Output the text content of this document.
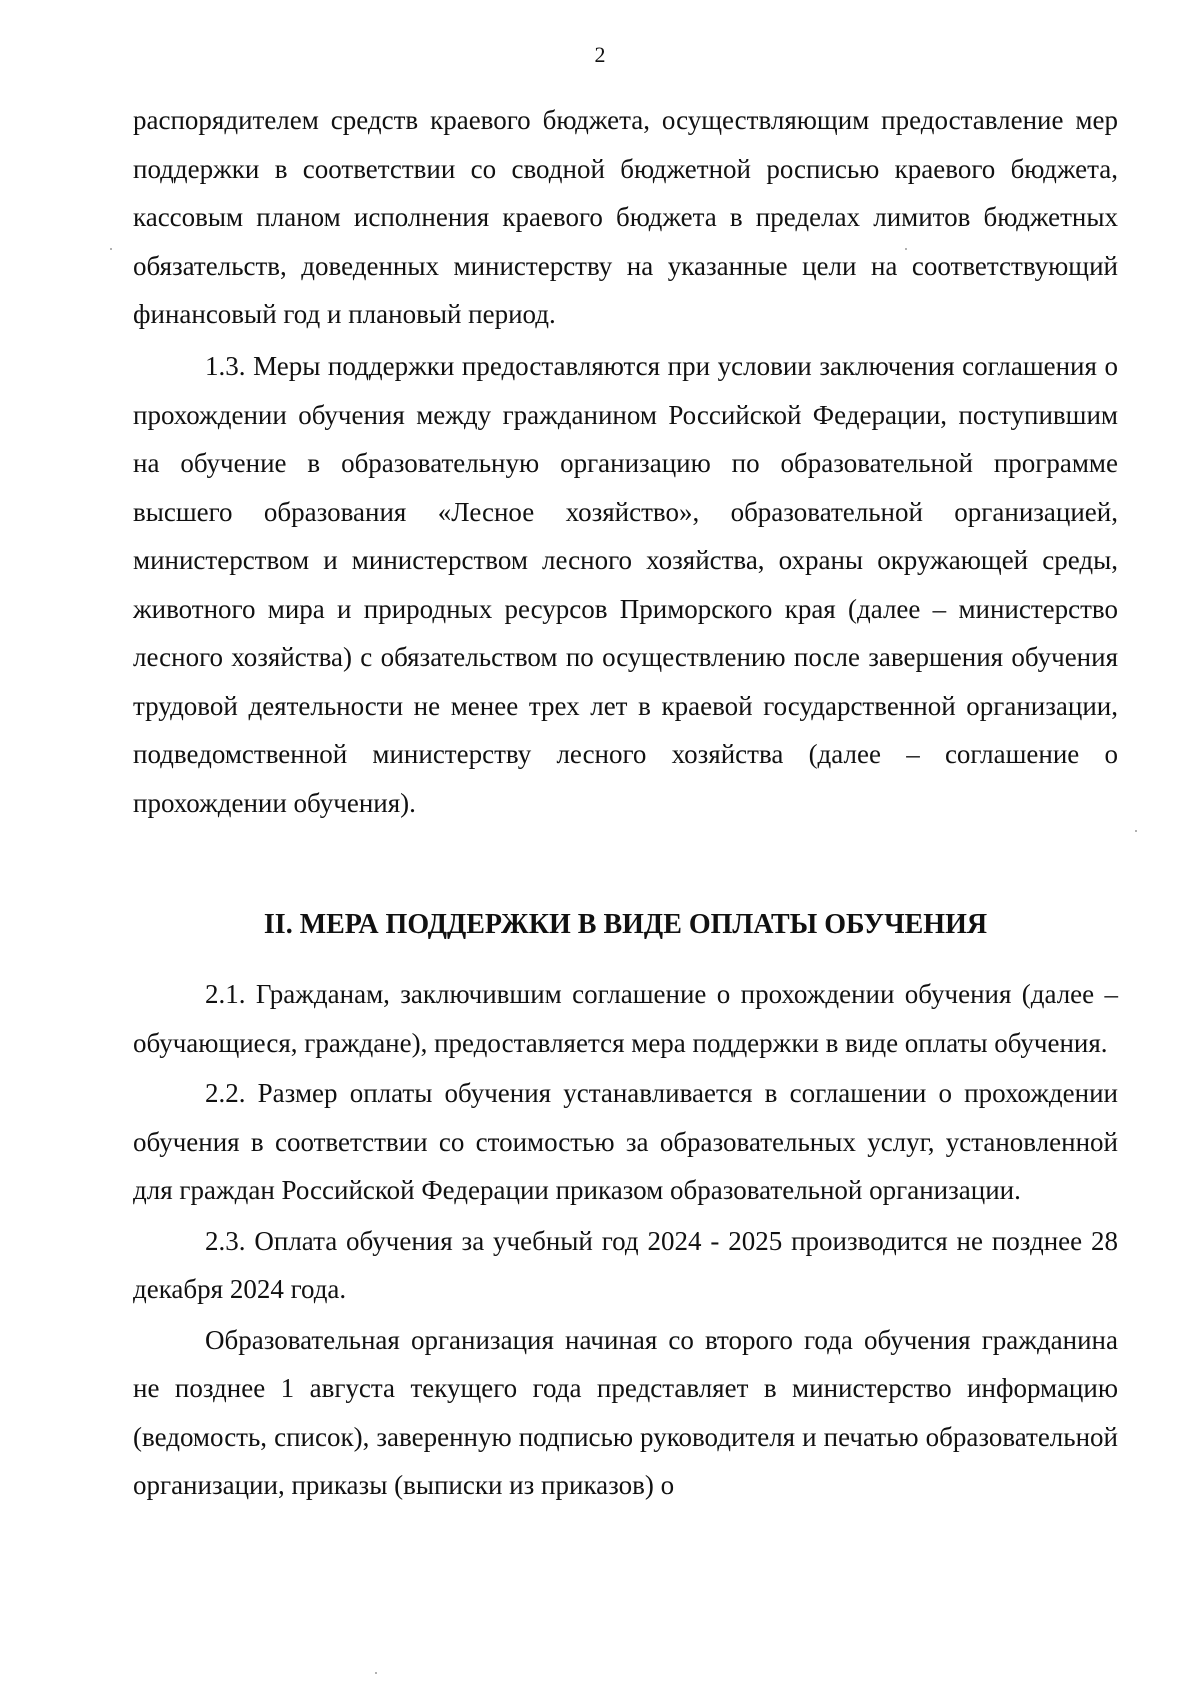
2

распорядителем средств краевого бюджета, осуществляющим предоставление мер поддержки в соответствии со сводной бюджетной росписью краевого бюджета, кассовым планом исполнения краевого бюджета в пределах лимитов бюджетных обязательств, доведенных министерству на указанные цели на соответствующий финансовый год и плановый период.

1.3. Меры поддержки предоставляются при условии заключения соглашения о прохождении обучения между гражданином Российской Федерации, поступившим на обучение в образовательную организацию по образовательной программе высшего образования «Лесное хозяйство», образовательной организацией, министерством и министерством лесного хозяйства, охраны окружающей среды, животного мира и природных ресурсов Приморского края (далее – министерство лесного хозяйства) с обязательством по осуществлению после завершения обучения трудовой деятельности не менее трех лет в краевой государственной организации, подведомственной министерству лесного хозяйства (далее – соглашение о прохождении обучения).

II. МЕРА ПОДДЕРЖКИ В ВИДЕ ОПЛАТЫ ОБУЧЕНИЯ

2.1. Гражданам, заключившим соглашение о прохождении обучения (далее – обучающиеся, граждане), предоставляется мера поддержки в виде оплаты обучения.

2.2. Размер оплаты обучения устанавливается в соглашении о прохождении обучения в соответствии со стоимостью за образовательных услуг, установленной для граждан Российской Федерации приказом образовательной организации.

2.3. Оплата обучения за учебный год 2024 - 2025 производится не позднее 28 декабря 2024 года.

Образовательная организация начиная со второго года обучения гражданина не позднее 1 августа текущего года представляет в министерство информацию (ведомость, список), заверенную подписью руководителя и печатью образовательной организации, приказы (выписки из приказов) о
